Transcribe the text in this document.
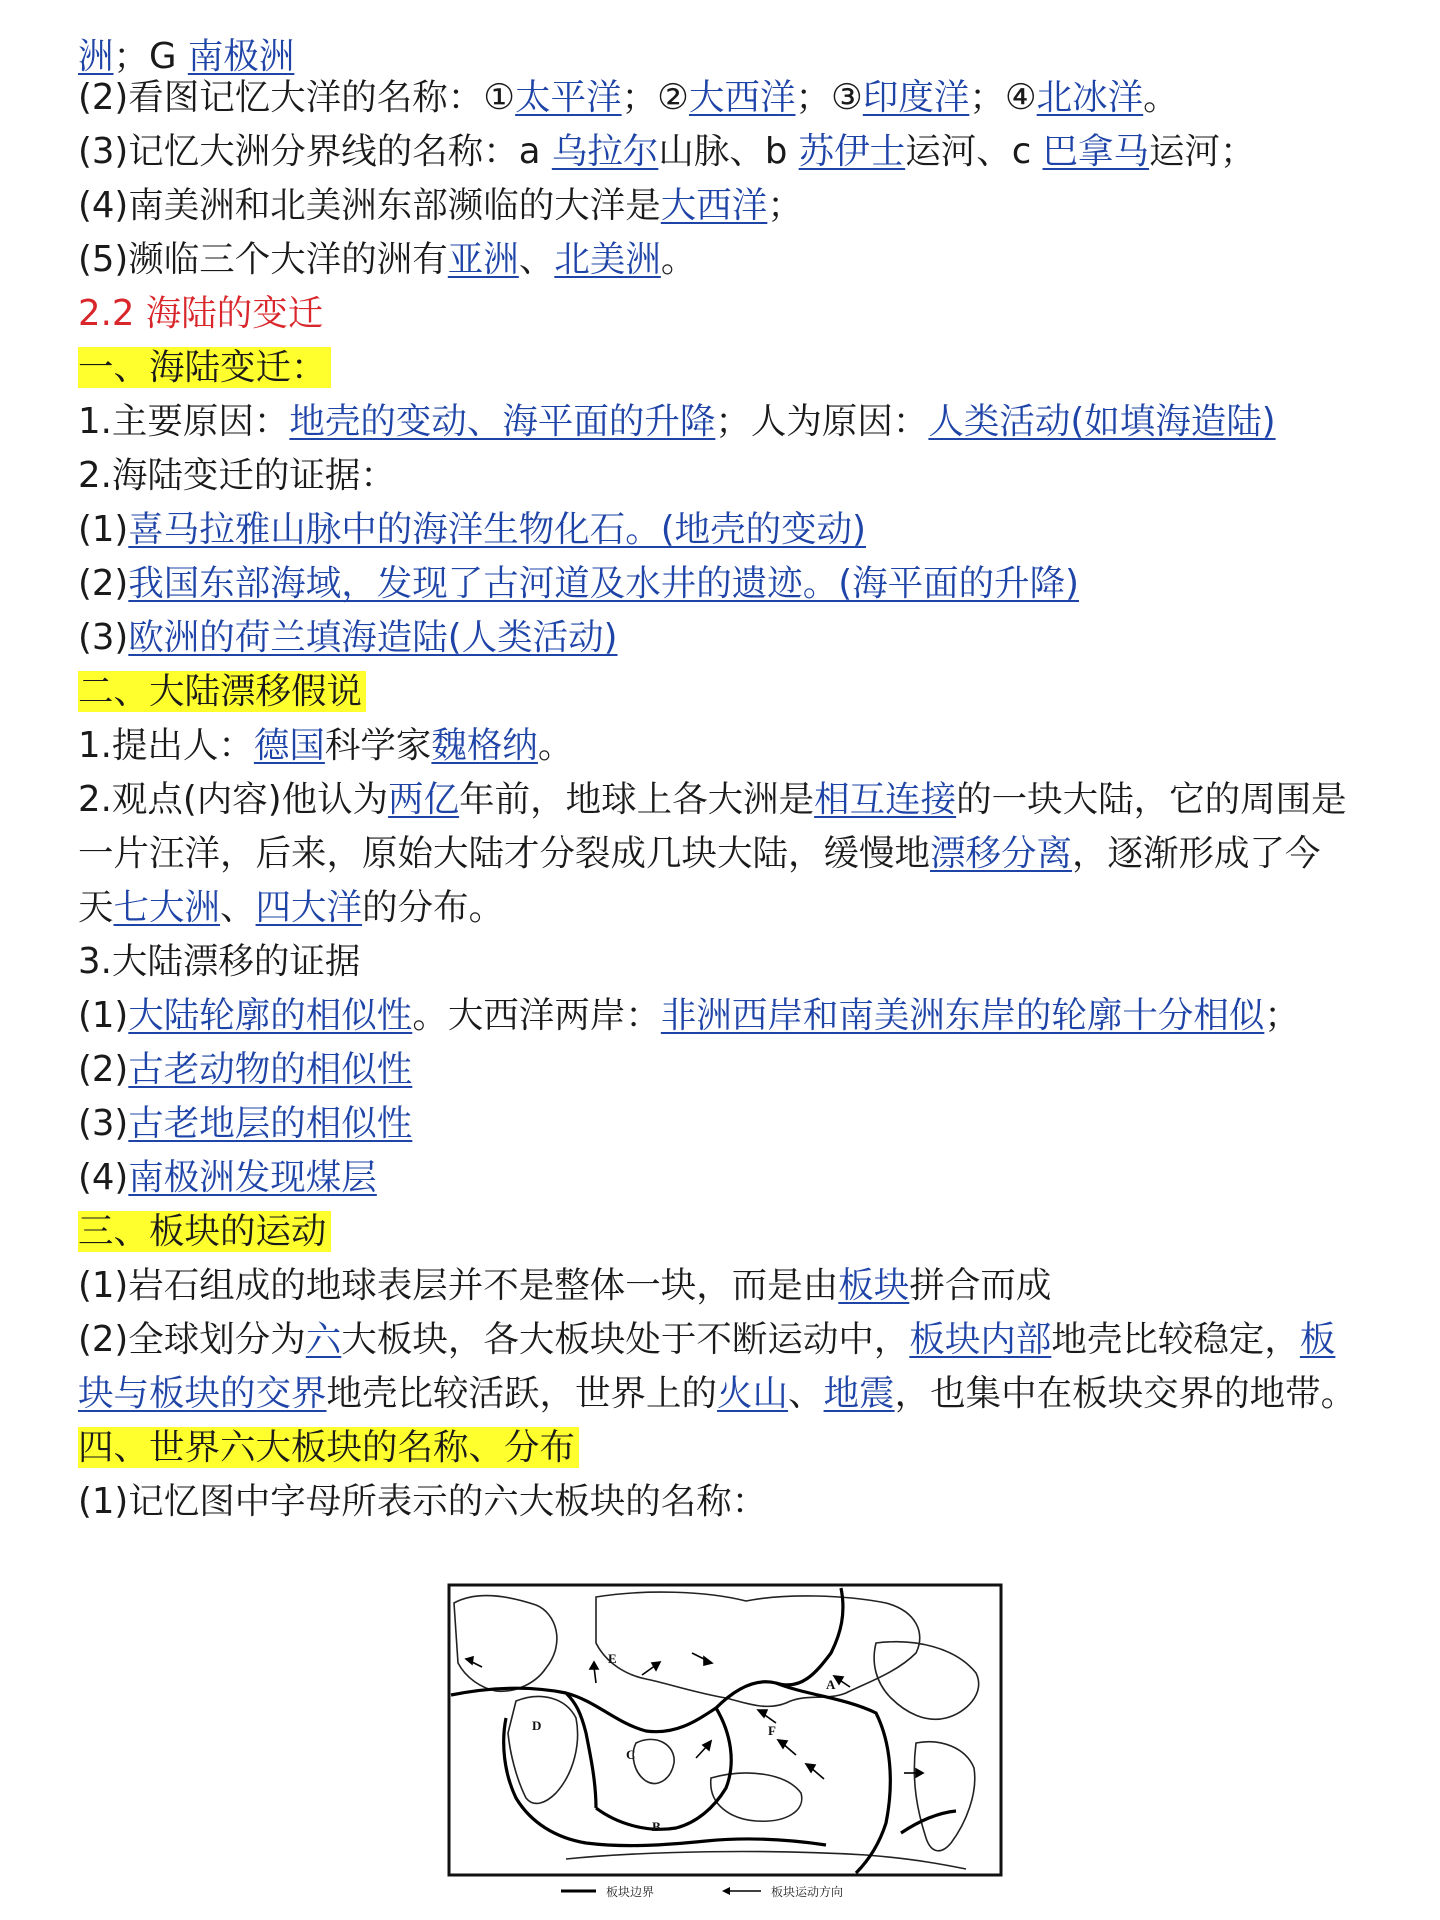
洲；G 南极洲
(2)看图记忆大洋的名称：①太平洋；②大西洋；③印度洋；④北冰洋。
(3)记忆大洲分界线的名称：a 乌拉尔山脉、b 苏伊士运河、c 巴拿马运河；
(4)南美洲和北美洲东部濒临的大洋是大西洋；
(5)濒临三个大洋的洲有亚洲、北美洲。
2.2 海陆的变迁
一、海陆变迁：
1.主要原因：地壳的变动、海平面的升降；人为原因：人类活动(如填海造陆)
2.海陆变迁的证据：
(1)喜马拉雅山脉中的海洋生物化石。(地壳的变动)
(2)我国东部海域，发现了古河道及水井的遗迹。(海平面的升降)
(3)欧洲的荷兰填海造陆(人类活动)
二、大陆漂移假说
1.提出人：德国科学家魏格纳。
2.观点(内容)他认为两亿年前，地球上各大洲是相互连接的一块大陆，它的周围是
一片汪洋，后来，原始大陆才分裂成几块大陆，缓慢地漂移分离，逐渐形成了今
天七大洲、四大洋的分布。
3.大陆漂移的证据
(1)大陆轮廓的相似性。大西洋两岸：非洲西岸和南美洲东岸的轮廓十分相似；
(2)古老动物的相似性
(3)古老地层的相似性
(4)南极洲发现煤层
三、板块的运动
(1)岩石组成的地球表层并不是整体一块，而是由板块拼合而成
(2)全球划分为六大板块，各大板块处于不断运动中，板块内部地壳比较稳定，板
块与板块的交界地壳比较活跃，世界上的火山、地震，也集中在板块交界的地带。
四、世界六大板块的名称、分布
(1)记忆图中字母所表示的六大板块的名称：
A
B
C
D
E
F
板块边界	板块运动方向
